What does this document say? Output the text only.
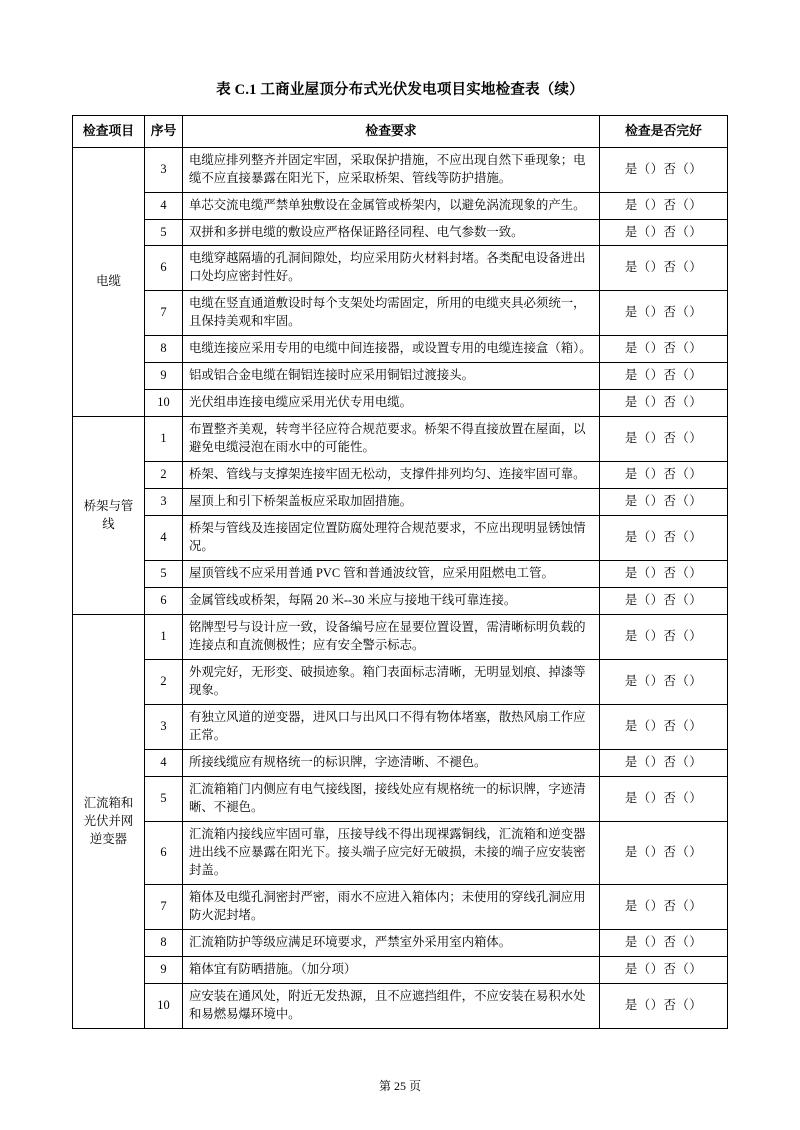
表 C.1 工商业屋顶分布式光伏发电项目实地检查表（续）
检查项目	序号	检查要求	检查是否完好
电缆	3	电缆应排列整齐并固定牢固，采取保护措施，不应出现自然下垂现象；电缆不应直接暴露在阳光下，应采取桥架、管线等防护措施。	是（）否（）
	4	单芯交流电缆严禁单独敷设在金属管或桥架内，以避免涡流现象的产生。	是（）否（）
	5	双拼和多拼电缆的敷设应严格保证路径同程、电气参数一致。	是（）否（）
	6	电缆穿越隔墙的孔洞间隙处，均应采用防火材料封堵。各类配电设备进出口处均应密封性好。	是（）否（）
	7	电缆在竖直通道敷设时每个支架处均需固定，所用的电缆夹具必须统一，且保持美观和牢固。	是（）否（）
	8	电缆连接应采用专用的电缆中间连接器，或设置专用的电缆连接盒（箱）。	是（）否（）
	9	铝或铝合金电缆在铜铝连接时应采用铜铝过渡接头。	是（）否（）
	10	光伏组串连接电缆应采用光伏专用电缆。	是（）否（）
桥架与管线	1	布置整齐美观，转弯半径应符合规范要求。桥架不得直接放置在屋面，以避免电缆浸泡在雨水中的可能性。	是（）否（）
	2	桥架、管线与支撑架连接牢固无松动，支撑件排列均匀、连接牢固可靠。	是（）否（）
	3	屋顶上和引下桥架盖板应采取加固措施。	是（）否（）
	4	桥架与管线及连接固定位置防腐处理符合规范要求，不应出现明显锈蚀情况。	是（）否（）
	5	屋顶管线不应采用普通 PVC 管和普通波纹管，应采用阻燃电工管。	是（）否（）
	6	金属管线或桥架，每隔 20 米--30 米应与接地干线可靠连接。	是（）否（）
汇流箱和光伏并网逆变器	1	铭牌型号与设计应一致，设备编号应在显要位置设置，需清晰标明负载的连接点和直流侧极性；应有安全警示标志。	是（）否（）
	2	外观完好，无形变、破损迹象。箱门表面标志清晰，无明显划痕、掉漆等现象。	是（）否（）
	3	有独立风道的逆变器，进风口与出风口不得有物体堵塞，散热风扇工作应正常。	是（）否（）
	4	所接线缆应有规格统一的标识牌，字迹清晰、不褪色。	是（）否（）
	5	汇流箱箱门内侧应有电气接线图，接线处应有规格统一的标识牌，字迹清晰、不褪色。	是（）否（）
	6	汇流箱内接线应牢固可靠，压接导线不得出现裸露铜线，汇流箱和逆变器进出线不应暴露在阳光下。接头端子应完好无破损，未接的端子应安装密封盖。	是（）否（）
	7	箱体及电缆孔洞密封严密，雨水不应进入箱体内；未使用的穿线孔洞应用防火泥封堵。	是（）否（）
	8	汇流箱防护等级应满足环境要求，严禁室外采用室内箱体。	是（）否（）
	9	箱体宜有防晒措施。（加分项）	是（）否（）
	10	应安装在通风处，附近无发热源，且不应遮挡组件，不应安装在易积水处和易燃易爆环境中。	是（）否（）
第 25 页
